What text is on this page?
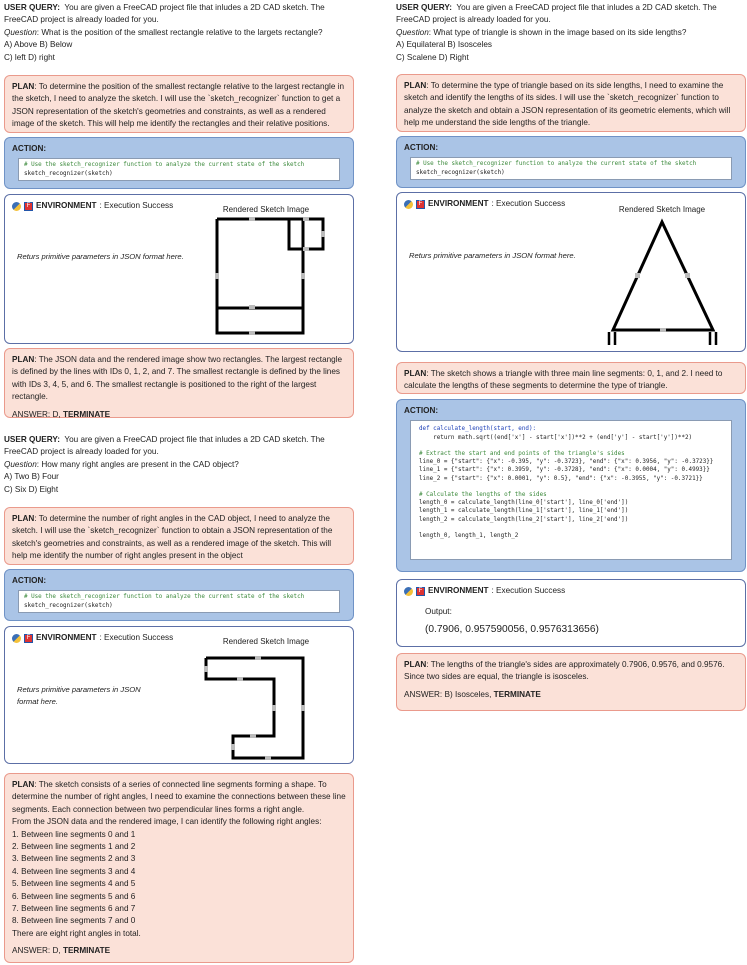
USER QUERY: You are given a FreeCAD project file that inludes a 2D CAD sketch. The FreeCAD project is already loaded for you.
Question: What is the position of the smallest rectangle relative to the largets rectangle?
A) Above B) Below
C) left D) right
PLAN: To determine the position of the smallest rectangle relative to the largest rectangle in the sketch, I need to analyze the sketch. I will use the `sketch_recognizer` function to get a JSON representation of the sketch's geometries and constraints, as well as a rendered image of the sketch. This will help me identify the rectangles and their relative positions.
ACTION:
# Use the sketch_recognizer function to analyze the current state of the sketch
sketch_recognizer(sketch)
F ENVIRONMENT : Execution Success	Rendered Sketch Image
Returs primitive parameters in JSON format here.
PLAN: The JSON data and the rendered image show two rectangles. The largest rectangle is defined by the lines with IDs 0, 1, 2, and 7. The smallest rectangle is defined by the lines with IDs 3, 4, 5, and 6. The smallest rectangle is positioned to the right of the largest rectangle.
ANSWER: D, TERMINATE
USER QUERY: You are given a FreeCAD project file that inludes a 2D CAD sketch. The FreeCAD project is already loaded for you.
Question: How many right angles are present in the CAD object?
A) Two B) Four
C) Six D) Eight
PLAN: To determine the number of right angles in the CAD object, I need to analyze the sketch. I will use the `sketch_recognizer` function to obtain a JSON representation of the sketch's geometries and constraints, as well as a rendered image of the sketch. This will help me identify the number of right angles present in the object
ACTION:
# Use the sketch_recognizer function to analyze the current state of the sketch
sketch_recognizer(sketch)
F ENVIRONMENT : Execution Success	Rendered Sketch Image
Returs primitive parameters in JSON format here.
PLAN: The sketch consists of a series of connected line segments forming a shape. To determine the number of right angles, I need to examine the connections between these line segments. Each connection between two perpendicular lines forms a right angle.
From the JSON data and the rendered image, I can identify the following right angles:
1. Between line segments 0 and 1
2. Between line segments 1 and 2
3. Between line segments 2 and 3
4. Between line segments 3 and 4
5. Between line segments 4 and 5
6. Between line segments 5 and 6
7. Between line segments 6 and 7
8. Between line segments 7 and 0
There are eight right angles in total.
ANSWER: D, TERMINATE
USER QUERY: You are given a FreeCAD project file that inludes a 2D CAD sketch. The FreeCAD project is already loaded for you.
Question: What type of triangle is shown in the image based on its side lengths?
A) Equilateral B) Isosceles
C) Scalene D) Right
PLAN: To determine the type of triangle based on its side lengths, I need to examine the sketch and identify the lengths of its sides. I will use the `sketch_recognizer` function to analyze the sketch and obtain a JSON representation of its geometric elements, which will help me understand the side lengths of the triangle.
ACTION:
# Use the sketch_recognizer function to analyze the current state of the sketch
sketch_recognizer(sketch)
F ENVIRONMENT : Execution Success
Rendered Sketch Image
Returs primitive parameters in JSON format here.
PLAN: The sketch shows a triangle with three main line segments: 0, 1, and 2. I need to calculate the lengths of these segments to determine the type of triangle.
ACTION:
def calculate_length(start, end):
return math.sqrt((end['x'] - start['x'])**2 + (end['y'] - start['y'])**2)

# Extract the start and end points of the triangle's sides
line_0 = {"start": {"x": -0.395, "y": -0.3723}, "end": {"x": 0.3956, "y": -0.3723}}
line_1 = {"start": {"x": 0.3959, "y": -0.3728}, "end": {"x": 0.0004, "y": 0.4993}}
line_2 = {"start": {"x": 0.0001, "y": 0.5}, "end": {"x": -0.3955, "y": -0.3721}}

# Calculate the lengths of the sides
length_0 = calculate_length(line_0['start'], line_0['end'])
length_1 = calculate_length(line_1['start'], line_1['end'])
length_2 = calculate_length(line_2['start'], line_2['end'])

length_0, length_1, length_2
F ENVIRONMENT : Execution Success
Output:
(0.7906, 0.957590056, 0.9576313656)
PLAN: The lengths of the triangle's sides are approximately 0.7906, 0.9576, and 0.9576. Since two sides are equal, the triangle is isosceles.
ANSWER: B) Isosceles, TERMINATE
